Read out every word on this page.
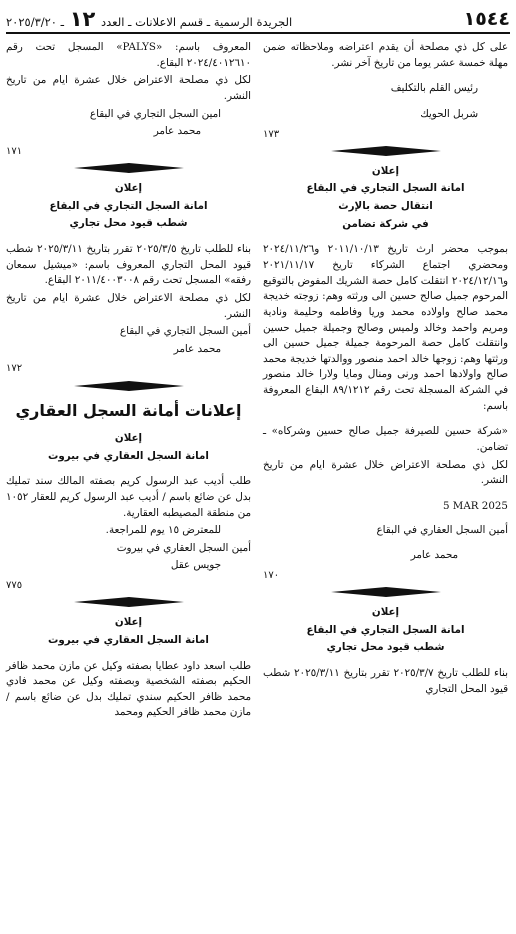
١٥٤٤
الجريدة الرسمية ـ قسم الاعلانات ـ العدد ١٢ ـ ٢٠٢٥/٣/٢٠

على كل ذي مصلحة أن يقدم اعتراضه وملاحظاته ضمن مهلة خمسة عشر يوما من تاريخ آخر نشر.

رئيس القلم بالتكليف

شربل الحويك

١٧٣

إعلان

امانة السجل التجاري في البقاع

انتقال حصة بالإرث

في شركة تضامن

بموجب محضر ارث تاريخ ٢٠١١/١٠/١٣ و٢٠٢٤/١١/٢٦ ومحضري اجتماع الشركاء تاريخ ٢٠٢١/١١/١٧ و٢٠٢٤/١٢/١٦ انتقلت كامل حصة الشريك المفوض بالتوقيع المرحوم جميل صالح حسين الى ورثته وهم: زوجته خديجة محمد صالح واولاده محمد وريا وفاطمه وحليمة ونادية ومريم واحمد وخالد ولميس وصالح وجميلة جميل حسين وانتقلت كامل حصة المرحومة جميلة جميل حسين الى ورثتها وهم: زوجها خالد احمد منصور ووالدتها خديجة محمد صالح واولادها احمد ورنى ومنال ومايا ولارا خالد منصور في الشركة المسجلة تحت رقم ٨٩/١٢١٢ البقاع المعروفة باسم:

«شركة حسين للصيرفة جميل صالح حسين وشركاه» ـ تضامن.

لكل ذي مصلحة الاعتراض خلال عشرة ايام من تاريخ النشر.

5 MAR 2025

أمين السجل العقاري في البقاع

محمد عامر

١٧٠

إعلان

امانة السجل التجاري في البقاع

شطب قيود محل تجاري

بناء للطلب تاريخ ٢٠٢٥/٣/٧ تقرر بتاريخ ٢٠٢٥/٣/١١ شطب قيود المحل التجاري

المعروف باسم: «PALYS» المسجل تحت رقم ٢٠٢٤/٤٠١٢٦١٠ البقاع.

لكل ذي مصلحة الاعتراض خلال عشرة ايام من تاريخ النشر.

امين السجل التجاري في البقاع

محمد عامر

١٧١

إعلان

امانة السجل التجاري في البقاع

شطب قيود محل تجاري

بناء للطلب تاريخ ٢٠٢٥/٣/٥ تقرر بتاريخ ٢٠٢٥/٣/١١ شطب قيود المحل التجاري المعروف باسم: «ميشيل سمعان رفقه» المسجل تحت رقم ٢٠١١/٤٠٠٣٠٠٨ البقاع.

لكل ذي مصلحة الاعتراض خلال عشرة ايام من تاريخ النشر.

أمين السجل التجاري في البقاع

محمد عامر

١٧٢

إعلانات أمانة السجل العقاري

إعلان

امانة السجل العقاري في بيروت

طلب أديب عبد الرسول كريم بصفته المالك سند تمليك بدل عن ضائع باسم / أديب عبد الرسول كريم للعقار ١٠٥٢ من منطقة المصيطبه العقارية.

للمعترض ١٥ يوم للمراجعة.

أمين السجل العقاري في بيروت

جويس عقل

٧٧٥

إعلان

امانة السجل العقاري في بيروت

طلب اسعد داود عطايا بصفته وكيل عن مازن محمد ظافر الحكيم بصفته الشخصية وبصفته وكيل عن محمد فادي محمد ظافر الحكيم سندي تمليك بدل عن ضائع باسم / مازن محمد ظافر الحكيم ومحمد
